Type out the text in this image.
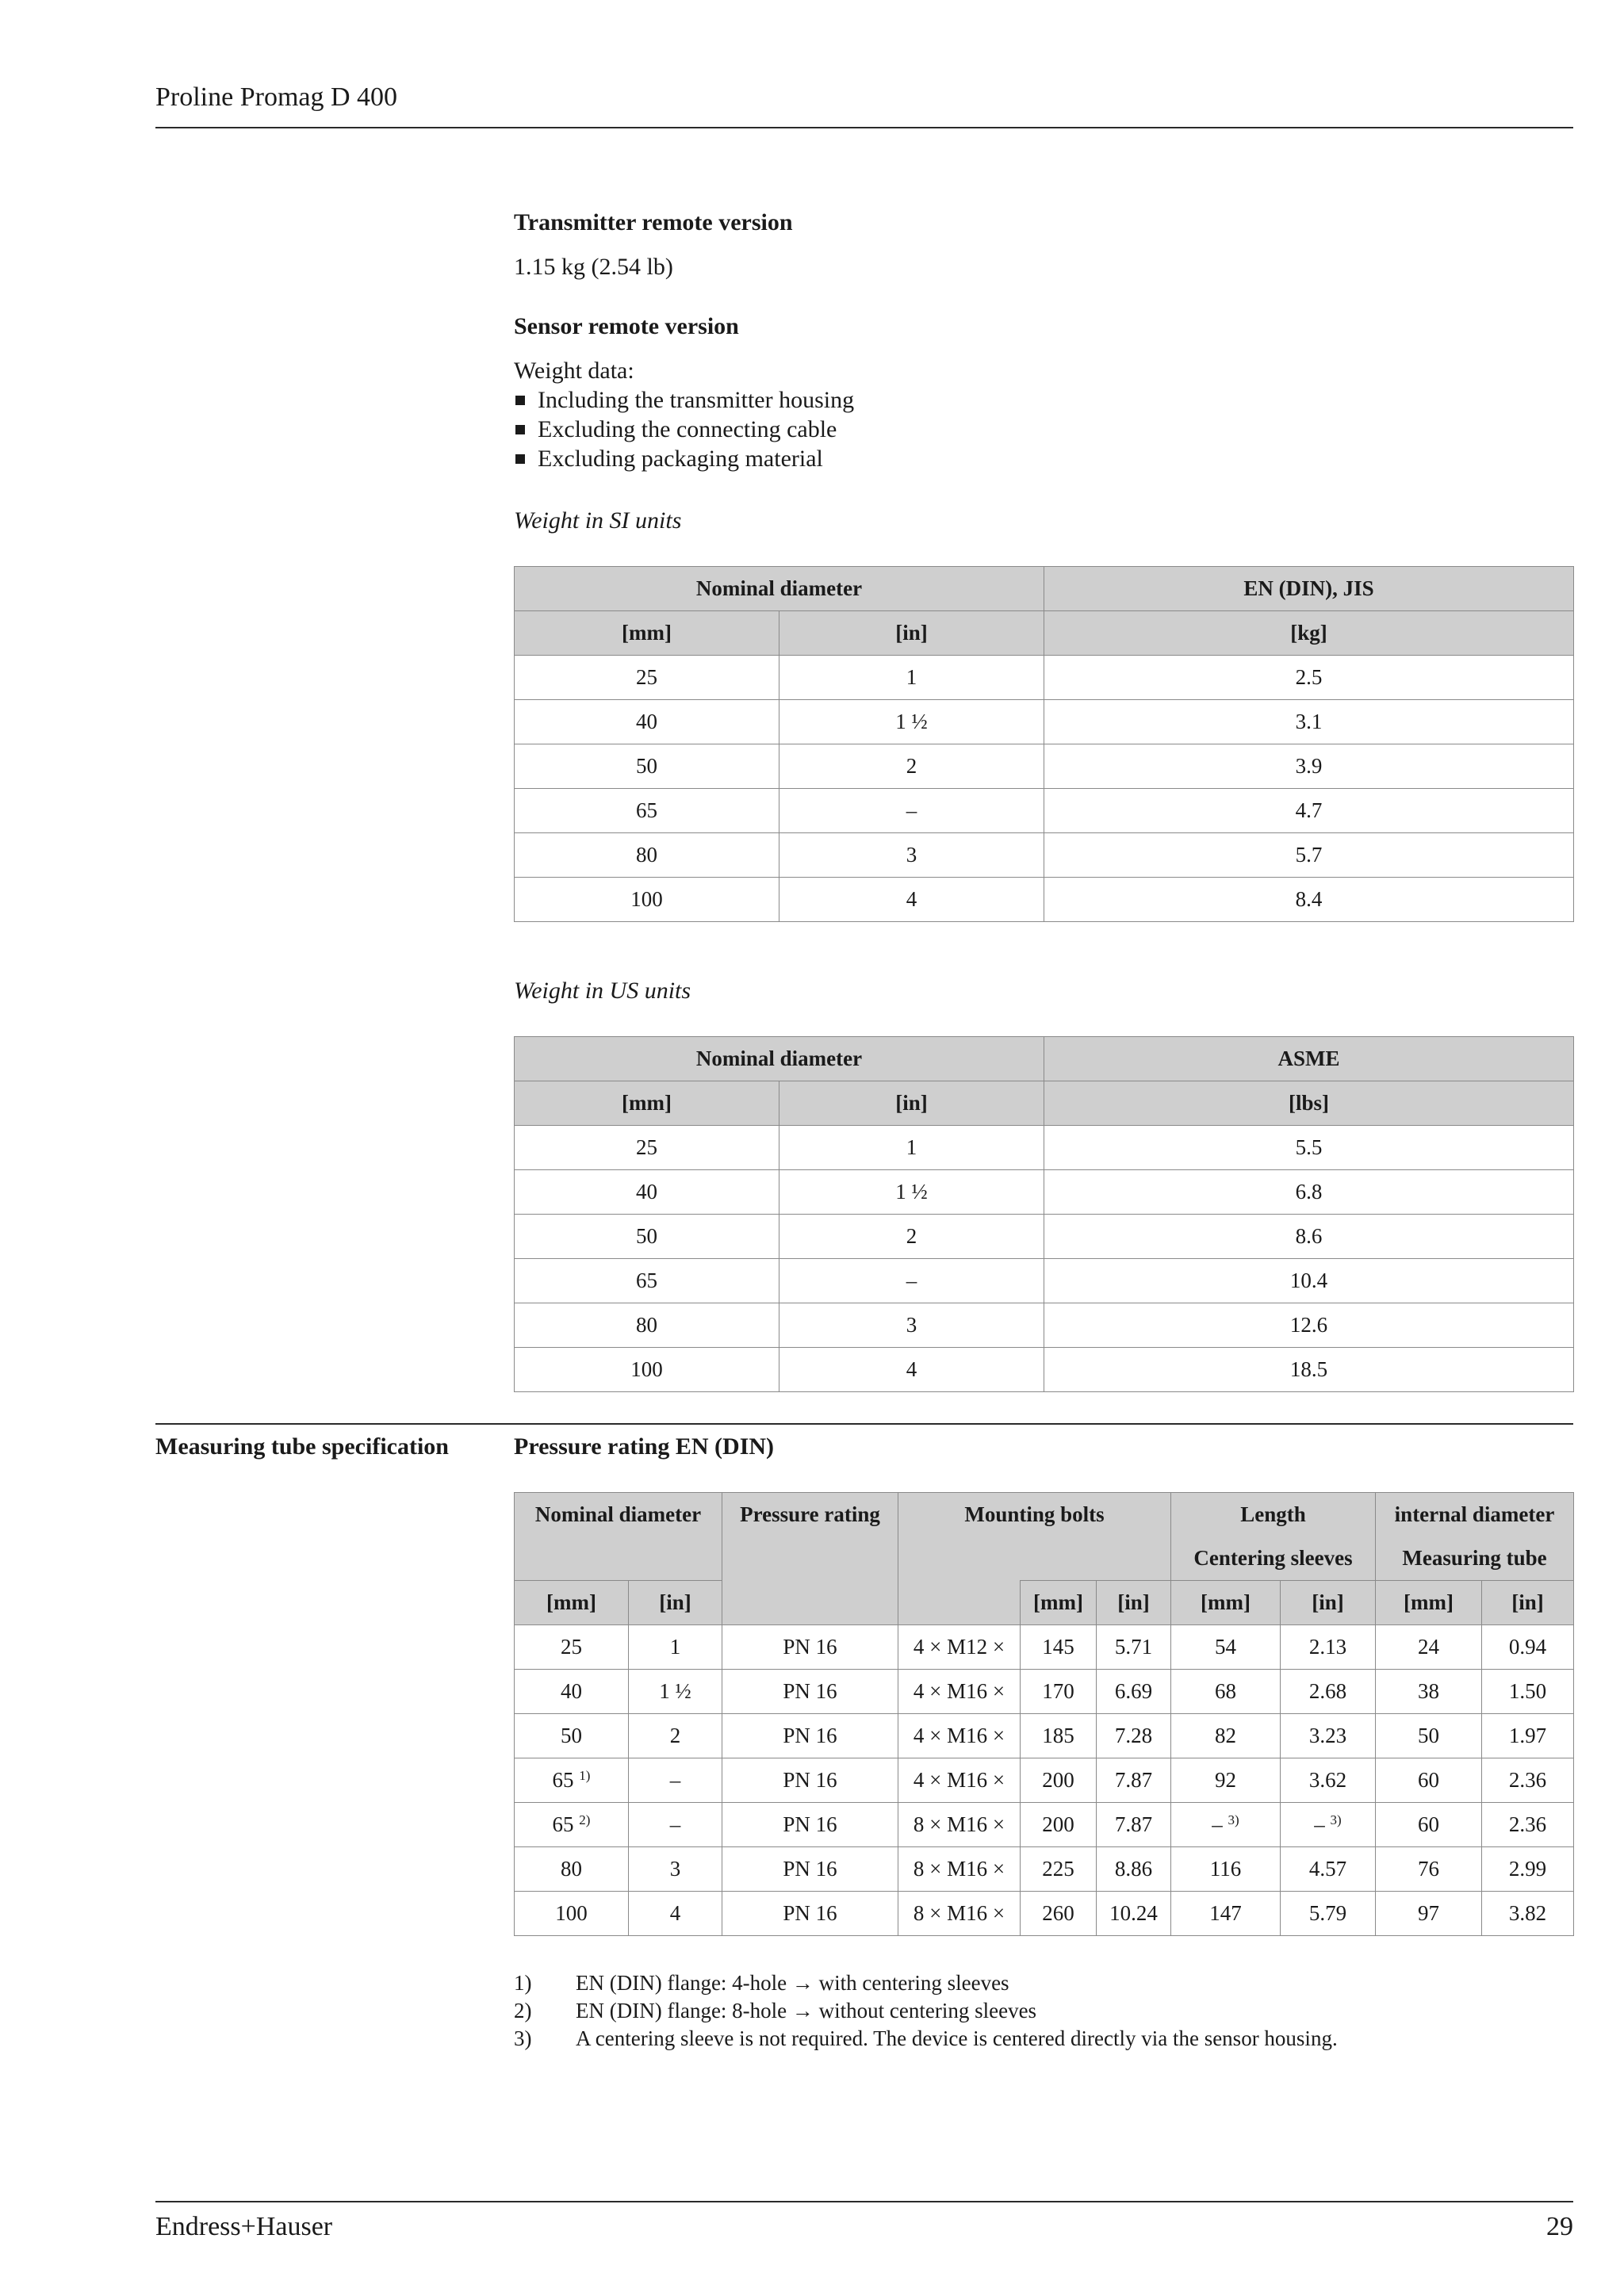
Proline Promag D 400
Transmitter remote version
1.15 kg (2.54 lb)
Sensor remote version
Weight data:
Including the transmitter housing
Excluding the connecting cable
Excluding packaging material
Weight in SI units
Nominal diameter		EN (DIN), JIS
[mm]	[in]	[kg]
25	1	2.5
40	1 ½	3.1
50	2	3.9
65	–	4.7
80	3	5.7
100	4	8.4
Weight in US units
Nominal diameter		ASME
[mm]	[in]	[lbs]
25	1	5.5
40	1 ½	6.8
50	2	8.6
65	–	10.4
80	3	12.6
100	4	18.5
Measuring tube specification	Pressure rating EN (DIN)
Nominal diameter		Pressure rating	Mounting bolts			Length		internal diameter	
						Centering sleeves		Measuring tube	
[mm]	[in]			[mm]	[in]	[mm]	[in]	[mm]	[in]
25	1	PN 16	4 × M12 ×	145	5.71	54	2.13	24	0.94
40	1 ½	PN 16	4 × M16 ×	170	6.69	68	2.68	38	1.50
50	2	PN 16	4 × M16 ×	185	7.28	82	3.23	50	1.97
65 $^{1)}$	–	PN 16	4 × M16 ×	200	7.87	92	3.62	60	2.36
65 $^{2)}$	–	PN 16	8 × M16 ×	200	7.87	– $^{3)}$	– $^{3)}$	60	2.36
80	3	PN 16	8 × M16 ×	225	8.86	116	4.57	76	2.99
100	4	PN 16	8 × M16 ×	260	10.24	147	5.79	97	3.82
1)	EN (DIN) flange: 4-hole → with centering sleeves
2)	EN (DIN) flange: 8-hole → without centering sleeves
3)	A centering sleeve is not required. The device is centered directly via the sensor housing.
Endress+Hauser	29
